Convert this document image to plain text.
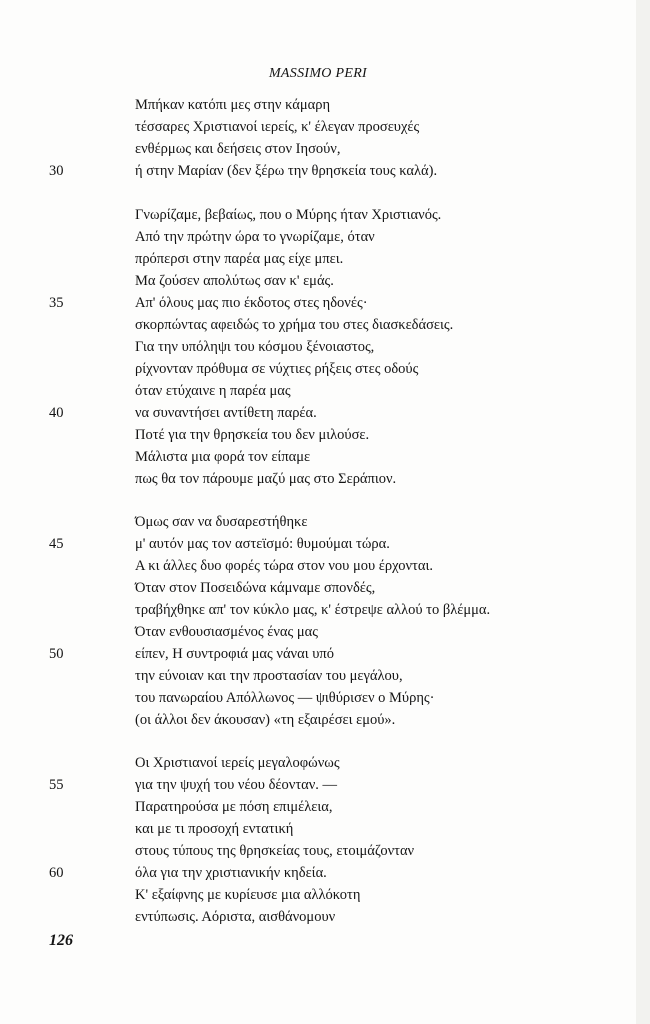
MASSIMO PERI
Μπήκαν κατόπι μες στην κάμαρη
τέσσαρες Χριστιανοί ιερείς, κ' έλεγαν προσευχές
ενθέρμως και δεήσεις στον Ιησούν,
ή στην Μαρίαν (δεν ξέρω την θρησκεία τους καλά).
Γνωρίζαμε, βεβαίως, που ο Μύρης ήταν Χριστιανός.
Από την πρώτην ώρα το γνωρίζαμε, όταν
πρόπερσι στην παρέα μας είχε μπει.
Μα ζούσεν απολύτως σαν κ' εμάς.
Απ' όλους μας πιο έκδοτος στες ηδονές·
σκορπώντας αφειδώς το χρήμα του στες διασκεδάσεις.
Για την υπόληψι του κόσμου ξένοιαστος,
ρίχνονταν πρόθυμα σε νύχτιες ρήξεις στες οδούς
όταν ετύχαινε η παρέα μας
να συναντήσει αντίθετη παρέα.
Ποτέ για την θρησκεία του δεν μιλούσε.
Μάλιστα μια φορά τον είπαμε
πως θα τον πάρουμε μαζύ μας στο Σεράπιον.
Όμως σαν να δυσαρεστήθηκε
μ' αυτόν μας τον αστεϊσμό: θυμούμαι τώρα.
Α κι άλλες δυο φορές τώρα στον νου μου έρχονται.
Όταν στον Ποσειδώνα κάμναμε σπονδές,
τραβήχθηκε απ' τον κύκλο μας, κ' έστρεψε αλλού το βλέμμα.
Όταν ενθουσιασμένος ένας μας
είπεν, Η συντροφιά μας νάναι υπό
την εύνοιαν και την προστασίαν του μεγάλου,
του πανωραίου Απόλλωνος — ψιθύρισεν ο Μύρης·
(οι άλλοι δεν άκουσαν) «τη εξαιρέσει εμού».
Οι Χριστιανοί ιερείς μεγαλοφώνως
για την ψυχή του νέου δέονταν. —
Παρατηρούσα με πόση επιμέλεια,
και με τι προσοχή εντατική
στους τύπους της θρησκείας τους, ετοιμάζονταν
όλα για την χριστιανικήν κηδεία.
Κ' εξαίφνης με κυρίευσε μια αλλόκοτη
εντύπωσις. Αόριστα, αισθάνομουν
30
35
40
45
50
55
60
126
